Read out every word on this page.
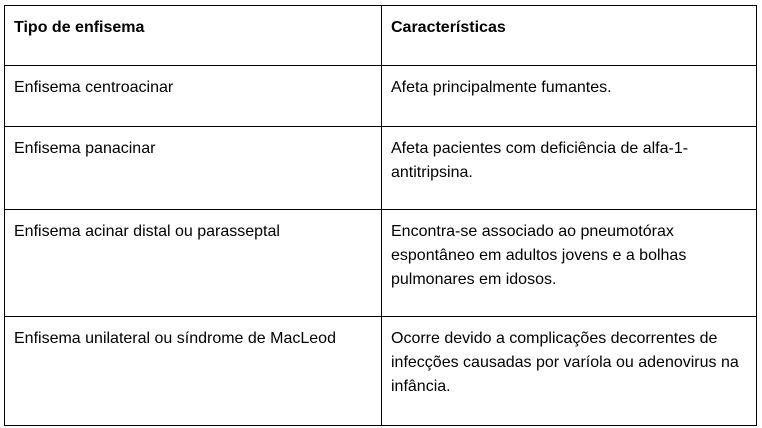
Tipo de enfisema	Características
Enfisema centroacinar	Afeta principalmente fumantes.
Enfisema panacinar	Afeta pacientes com deficiência de alfa-1-antitripsina.
Enfisema acinar distal ou parasseptal	Encontra-se associado ao pneumotórax espontâneo em adultos jovens e a bolhas pulmonares em idosos.
Enfisema unilateral ou síndrome de MacLeod	Ocorre devido a complicações decorrentes de infecções causadas por varíola ou adenovirus na infância.
